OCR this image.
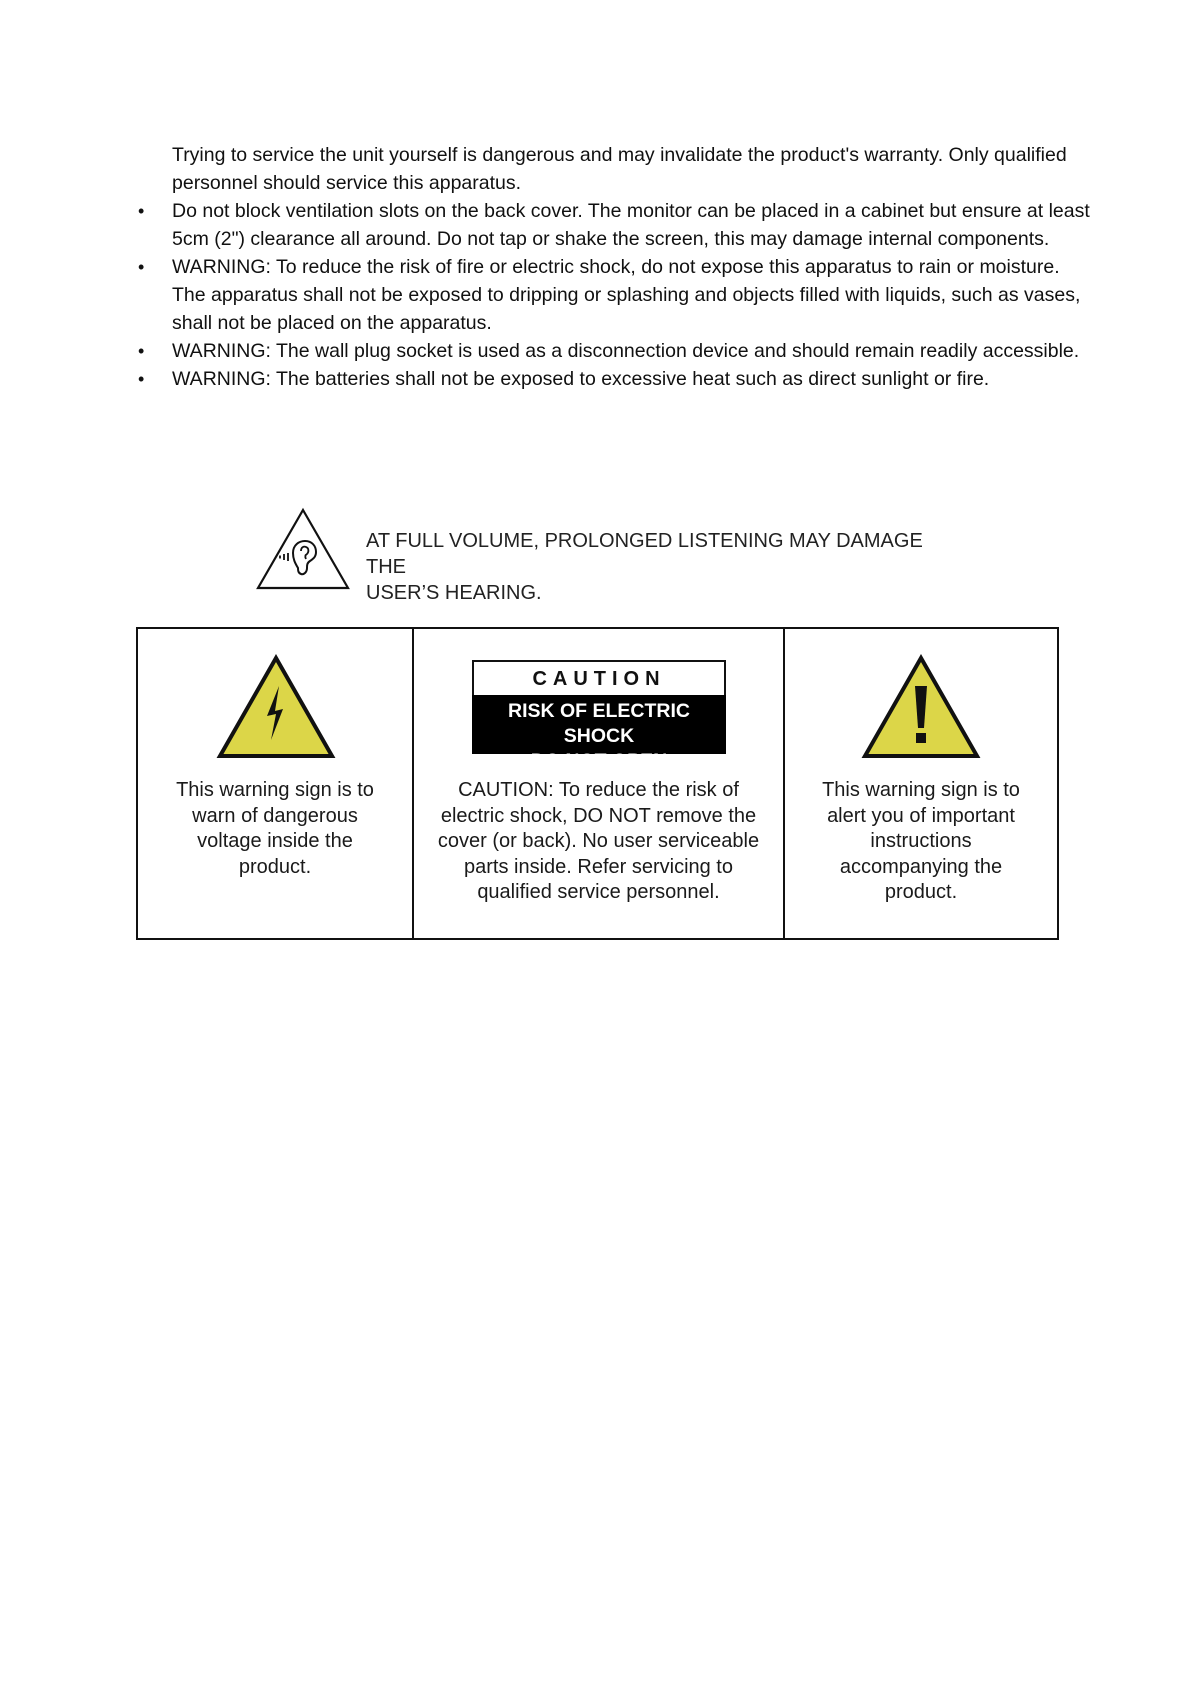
Trying to service the unit yourself is dangerous and may invalidate the product's warranty. Only qualified personnel should service this apparatus.

• Do not block ventilation slots on the back cover. The monitor can be placed in a cabinet but ensure at least 5cm (2") clearance all around. Do not tap or shake the screen, this may damage internal components.
• WARNING: To reduce the risk of fire or electric shock, do not expose this apparatus to rain or moisture. The apparatus shall not be exposed to dripping or splashing and objects filled with liquids, such as vases, shall not be placed on the apparatus.
• WARNING: The wall plug socket is used as a disconnection device and should remain readily accessible.
• WARNING: The batteries shall not be exposed to excessive heat such as direct sunlight or fire.
AT FULL VOLUME, PROLONGED LISTENING MAY DAMAGE THE
USER’S HEARING.
This warning sign is to
warn of dangerous
voltage inside the
product.
CAUTION
RISK OF ELECTRIC SHOCK
DO NOT OPEN
CAUTION: To reduce the risk of
electric shock, DO NOT remove the
cover (or back). No user serviceable
parts inside. Refer servicing to
qualified service personnel.
This warning sign is to
alert you of important
instructions
accompanying the
product.
